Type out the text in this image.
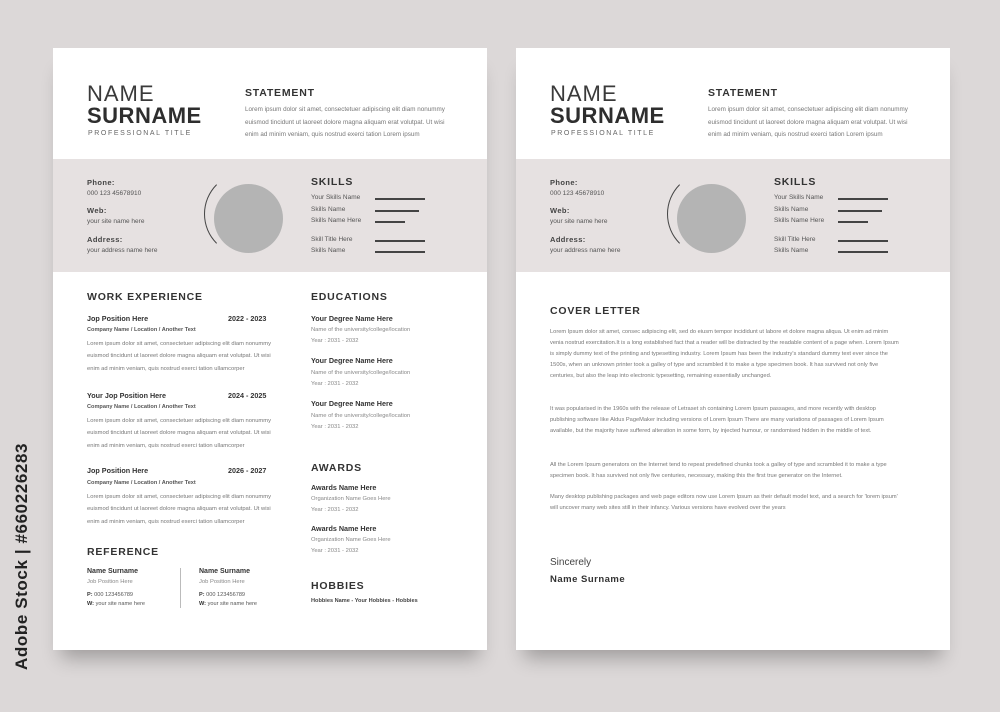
NAME
SURNAME
PROFESSIONAL TITLE
STATEMENT
Lorem ipsum dolor sit amet, consectetuer adipiscing elit diam nonummy euismod tincidunt ut laoreet dolore magna aliquam erat volutpat. Ut wisi enim ad minim veniam, quis nostrud exerci tation Lorem ipsum
Phone:
000 123 45678910
Web:
your site name here
Address:
your address name here
SKILLS
Your Skills Name
Skills Name
Skills Name Here
Skill Title Here
Skills Name
WORK EXPERIENCE
Jop Position Here	2022 - 2023
Company Name / Location / Another Text
Lorem ipsum dolor sit amet, consectetuer adipiscing elit diam nonummy euismod tincidunt ut laoreet dolore magna aliquam erat volutpat. Ut wisi enim ad minim veniam, quis nostrud exerci tation ullamcorper
Your Jop Position Here	2024 - 2025
Company Name / Location / Another Text
Lorem ipsum dolor sit amet, consectetuer adipiscing elit diam nonummy euismod tincidunt ut laoreet dolore magna aliquam erat volutpat. Ut wisi enim ad minim veniam, quis nostrud exerci tation ullamcorper
Jop Position Here	2026 - 2027
Company Name / Location / Another Text
Lorem ipsum dolor sit amet, consectetuer adipiscing elit diam nonummy euismod tincidunt ut laoreet dolore magna aliquam erat volutpat. Ut wisi enim ad minim veniam, quis nostrud exerci tation ullamcorper
EDUCATIONS
Your Degree Name Here
Name of the university/college/location
Year : 2031 - 2032
Your Degree Name Here
Name of the university/college/location
Year : 2031 - 2032
Your Degree Name Here
Name of the university/college/location
Year : 2031 - 2032
AWARDS
Awards Name Here
Organization Name Goes Here
Year : 2031 - 2032
Awards Name Here
Organization Name Goes Here
Year : 2031 - 2032
REFERENCE
Name Surname
Job Position Here
P: 000 123456789
W: your site name here
Name Surname
Job Position Here
P: 000 123456789
W: your site name here
HOBBIES
Hobbies Name - Your Hobbies - Hobbies
NAME
SURNAME
PROFESSIONAL TITLE
STATEMENT
Lorem ipsum dolor sit amet, consectetuer adipiscing elit diam nonummy euismod tincidunt ut laoreet dolore magna aliquam erat volutpat. Ut wisi enim ad minim veniam, quis nostrud exerci tation Lorem ipsum
Phone:
000 123 45678910
Web:
your site name here
Address:
your address name here
SKILLS
Your Skills Name
Skills Name
Skills Name Here
Skill Title Here
Skills Name
COVER LETTER
Lorem Ipsum dolor sit amet, consec adipiscing elit, sed do eiusm tempor incididunt ut labore et dolore magna aliqua. Ut enim ad minim venia nostrud exercitation.It is a long established fact that a reader will be distracted by the readable content of a page when. Lorem Ipsum is simply dummy text of the printing and typesetting industry. Lorem Ipsum has been the industry's standard dummy text ever since the 1500s, when an unknown printer took a galley of type and scrambled it to make a type specimen book. It has survived not only five centuries, but also the leap into electronic typesetting, remaining essentially unchanged.
It was popularised in the 1960s with the release of Letraset sh containing Lorem Ipsum passages, and more recently with desktop publishing software like Aldus PageMaker including versions of Lorem Ipsum There are many variations of passages of Lorem Ipsum available, but the majority have suffered alteration in some form, by injected humour, or randomised hidden in the middle of text.
All the Lorem Ipsum generators on the Internet tend to repeat predefined chunks took a galley of type and scrambled it to make a type specimen book. It has survived not only five centuries, necessary, making this the first true generator on the Internet.
Many desktop publishing packages and web page editors now use Lorem Ipsum as their default model text, and a search for 'lorem ipsum' will uncover many web sites still in their infancy. Various versions have evolved over the years
Sincerely
Name Surname
Adobe Stock | #660226283
